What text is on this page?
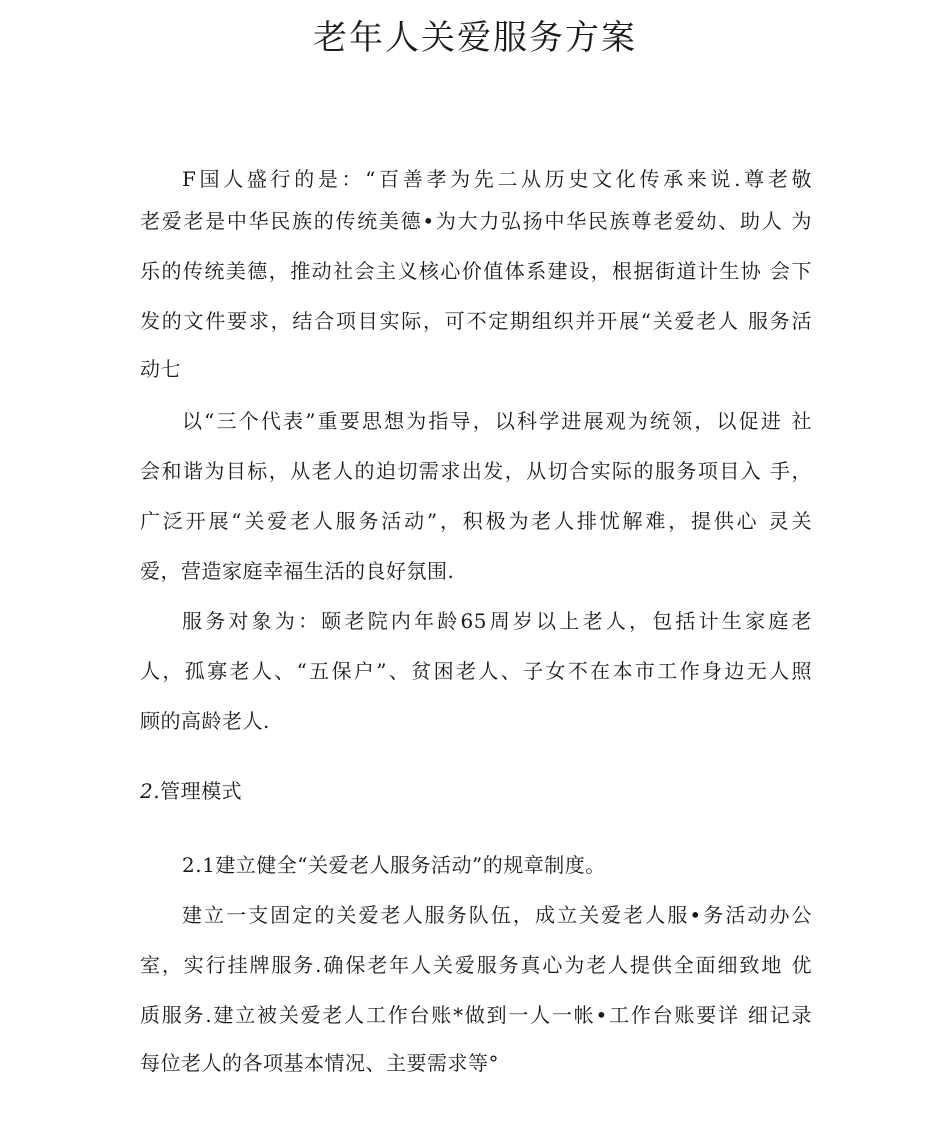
老年人关爱服务方案
F国人盛行的是：“百善孝为先二从历史文化传承来说.尊老敬
老爱老是中华民族的传统美德•为大力弘扬中华民族尊老爱幼、助人 为
乐的传统美德，推动社会主义核心价值体系建设，根据街道计生协 会下
发的文件要求，结合项目实际，可不定期组织并开展“关爱老人 服务活
动七
以“三个代表”重要思想为指导，以科学进展观为统领，以促进 社
会和谐为目标，从老人的迫切需求出发，从切合实际的服务项目入 手，
广泛开展“关爱老人服务活动”，积极为老人排忧解难，提供心 灵关
爱，营造家庭幸福生活的良好氛围.
服务对象为：颐老院内年龄65周岁以上老人，包括计生家庭老
人，孤寡老人、“五保户”、贫困老人、子女不在本市工作身边无人照
顾的高龄老人.
2.管理模式
2.1建立健全“关爱老人服务活动”的规章制度。
建立一支固定的关爱老人服务队伍，成立关爱老人服•务活动办公
室，实行挂牌服务.确保老年人关爱服务真心为老人提供全面细致地 优
质服务.建立被关爱老人工作台账*做到一人一帐•工作台账要详 细记录
每位老人的各项基本情况、主要需求等°
